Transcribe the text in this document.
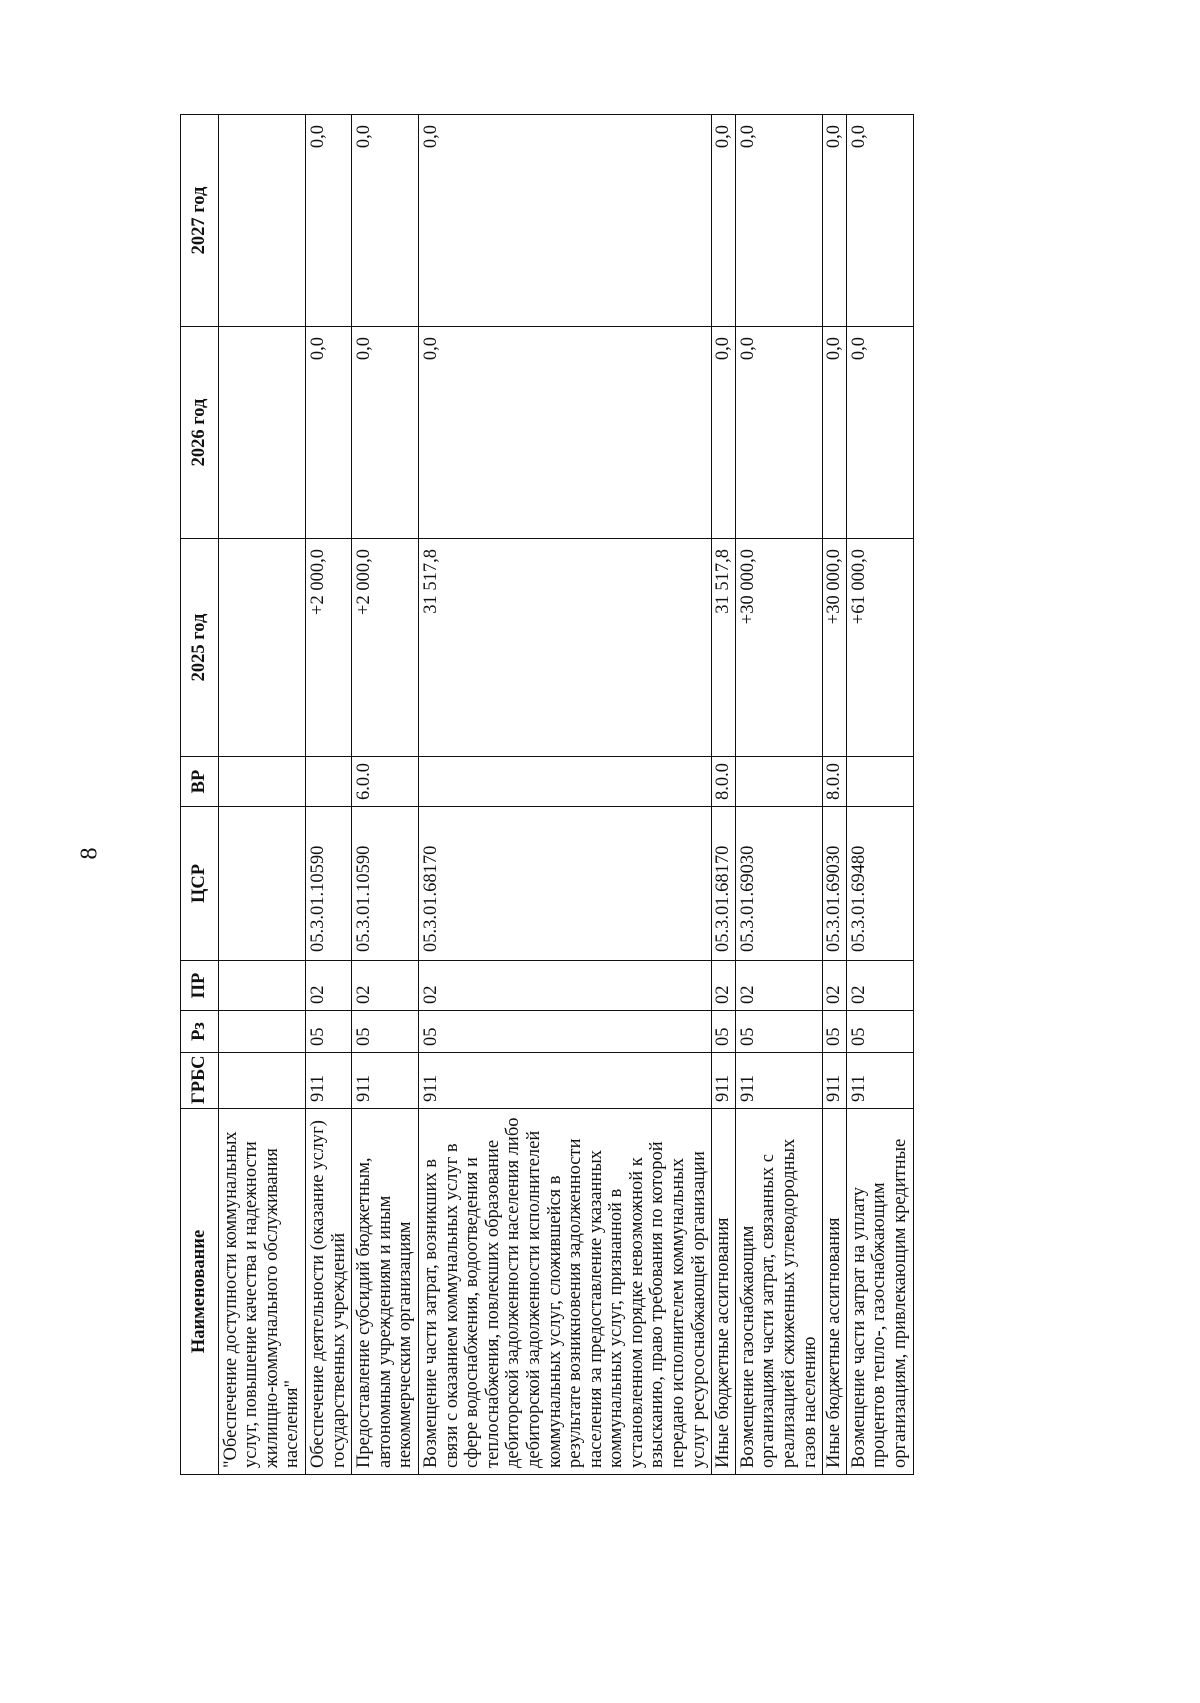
8
Наименование	ГРБС	Рз	ПР	ЦСР	ВР	2025 год	2026 год	2027 год
"Обеспечение доступности коммунальных услуг, повышение качества и надежности жилищно-коммунального обслуживания населения"								
Обеспечение деятельности (оказание услуг) государственных учреждений	911	05	02	05.3.01.10590		+2 000,0	0,0	0,0
Предоставление субсидий бюджетным, автономным учреждениям и иным некоммерческим организациям	911	05	02	05.3.01.10590	6.0.0	+2 000,0	0,0	0,0
Возмещение части затрат, возникших в связи с оказанием коммунальных услуг в сфере водоснабжения, водоотведения и теплоснабжения, повлекших образование дебиторской задолженности населения либо дебиторской задолженности исполнителей коммунальных услуг, сложившейся в результате возникновения задолженности населения за предоставление указанных коммунальных услуг, признанной в установленном порядке невозможной к взысканию, право требования по которой передано исполнителем коммунальных услуг ресурсоснабжающей организации	911	05	02	05.3.01.68170		31 517,8	0,0	0,0
Иные бюджетные ассигнования	911	05	02	05.3.01.68170	8.0.0	31 517,8	0,0	0,0
Возмещение газоснабжающим организациям части затрат, связанных с реализацией сжиженных углеводородных газов населению	911	05	02	05.3.01.69030		+30 000,0	0,0	0,0
Иные бюджетные ассигнования	911	05	02	05.3.01.69030	8.0.0	+30 000,0	0,0	0,0
Возмещение части затрат на уплату процентов тепло-, газоснабжающим организациям, привлекающим кредитные	911	05	02	05.3.01.69480		+61 000,0	0,0	0,0
